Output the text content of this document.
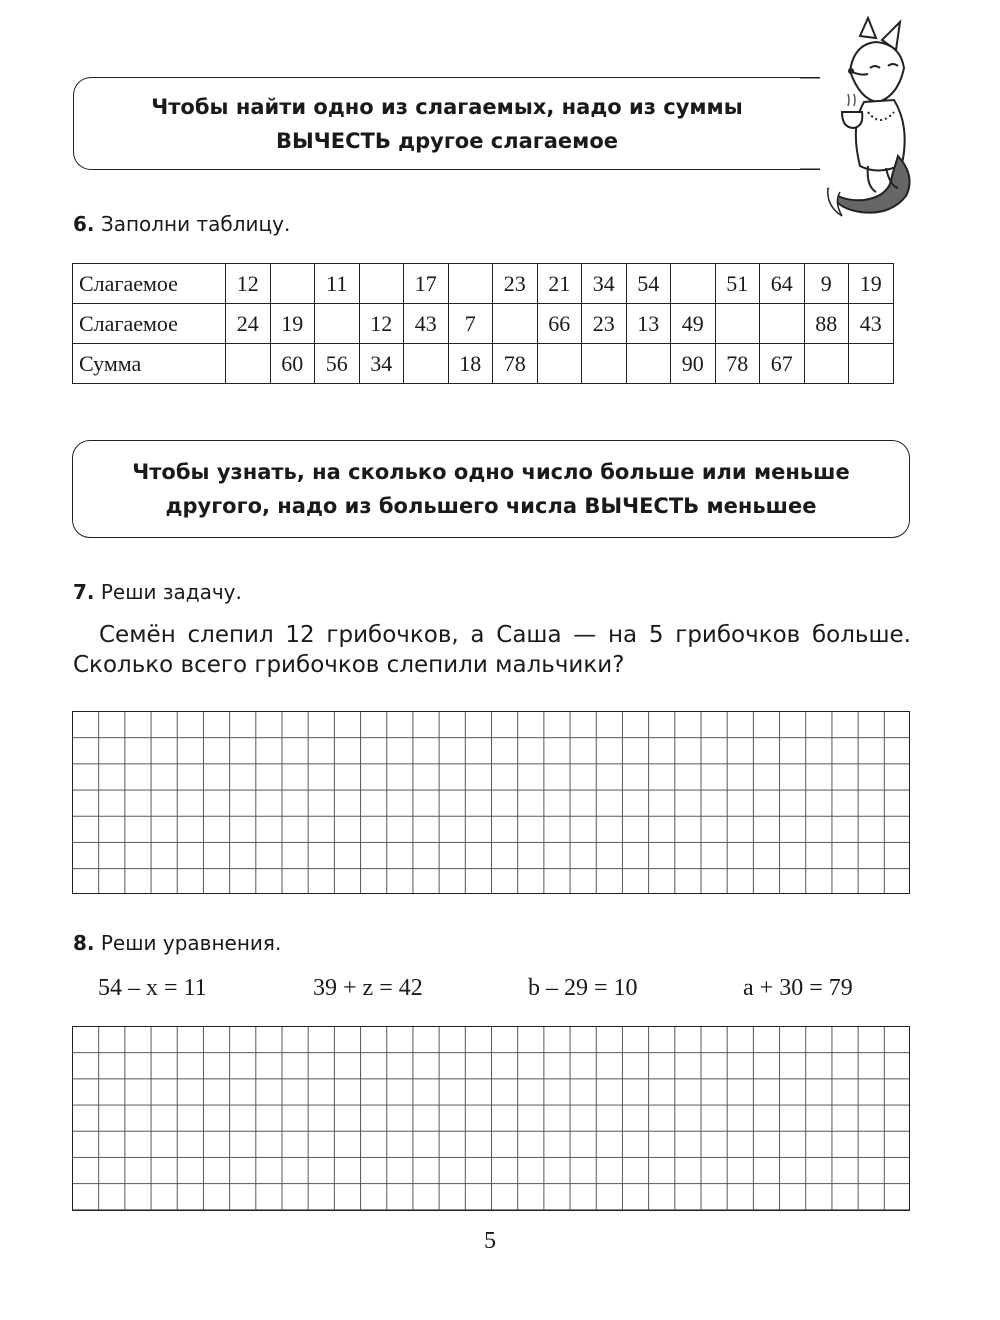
Чтобы найти одно из слагаемых, надо из суммы
ВЫЧЕСТЬ другое слагаемое
6. Заполни таблицу.
Слагаемое	12		11		17		23	21	34	54		51	64	9	19
Слагаемое	24	19		12	43	7		66	23	13	49			88	43
Сумма		60	56	34		18	78				90	78	67		
Чтобы узнать, на сколько одно число больше или меньше
другого, надо из большего числа ВЫЧЕСТЬ меньшее
7. Реши задачу.
Семён слепил 12 грибочков, а Саша — на 5 грибочков больше. Сколько всего грибочков слепили мальчики?
8. Реши уравнения.
54 – x = 11	39 + z = 42	b – 29 = 10	a + 30 = 79
5
